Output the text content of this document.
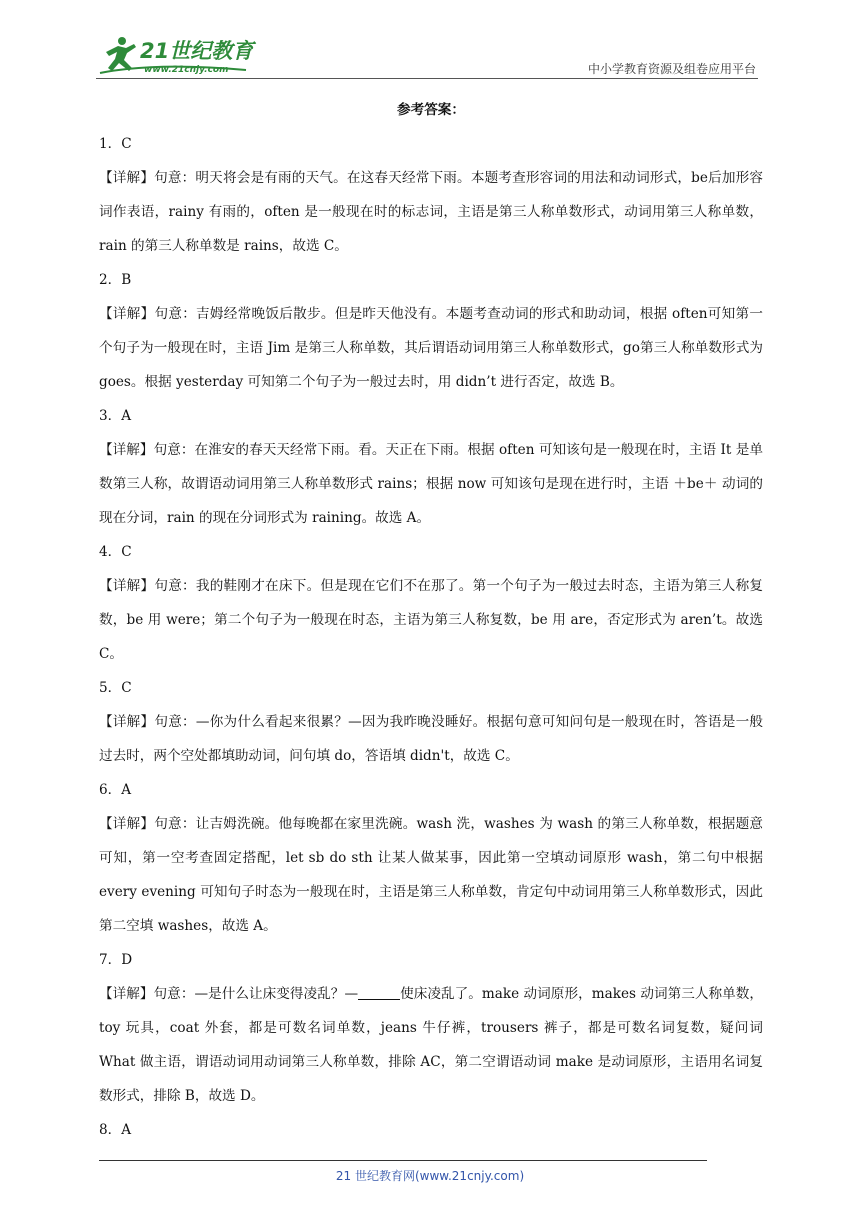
21世纪教育
www.21cnjy.com	中小学教育资源及组卷应用平台

参考答案：

1．C

【详解】句意：明天将会是有雨的天气。在这春天经常下雨。本题考查形容词的用法和动词形式，be后加形容词作表语，rainy 有雨的，often 是一般现在时的标志词，主语是第三人称单数形式，动词用第三人称单数，rain 的第三人称单数是 rains，故选 C。

2．B

【详解】句意：吉姆经常晚饭后散步。但是昨天他没有。本题考查动词的形式和助动词，根据 often可知第一个句子为一般现在时，主语 Jim 是第三人称单数，其后谓语动词用第三人称单数形式，go第三人称单数形式为 goes。根据 yesterday 可知第二个句子为一般过去时，用 didn’t 进行否定，故选 B。

3．A

【详解】句意：在淮安的春天天经常下雨。看。天正在下雨。根据 often 可知该句是一般现在时，主语 It 是单数第三人称，故谓语动词用第三人称单数形式 rains；根据 now 可知该句是现在进行时，主语 ＋be＋ 动词的现在分词，rain 的现在分词形式为 raining。故选 A。

4．C

【详解】句意：我的鞋刚才在床下。但是现在它们不在那了。第一个句子为一般过去时态，主语为第三人称复数，be 用 were；第二个句子为一般现在时态，主语为第三人称复数，be 用 are，否定形式为 aren’t。故选 C。

5．C

【详解】句意：—你为什么看起来很累？—因为我昨晚没睡好。根据句意可知问句是一般现在时，答语是一般过去时，两个空处都填助动词，问句填 do，答语填 didn't，故选 C。

6．A

【详解】句意：让吉姆洗碗。他每晚都在家里洗碗。wash 洗，washes 为 wash 的第三人称单数，根据题意可知，第一空考查固定搭配，let sb do sth 让某人做某事，因此第一空填动词原形 wash，第二句中根据 every evening 可知句子时态为一般现在时，主语是第三人称单数，肯定句中动词用第三人称单数形式，因此第二空填 washes，故选 A。

7．D

【详解】句意：—是什么让床变得凌乱？—	使床凌乱了。make 动词原形，makes 动词第三人称单数，toy 玩具，coat 外套，都是可数名词单数，jeans 牛仔裤，trousers 裤子，都是可数名词复数，疑问词 What 做主语，谓语动词用动词第三人称单数，排除 AC，第二空谓语动词 make 是动词原形，主语用名词复数形式，排除 B，故选 D。

8．A

21 世纪教育网(www.21cnjy.com)
